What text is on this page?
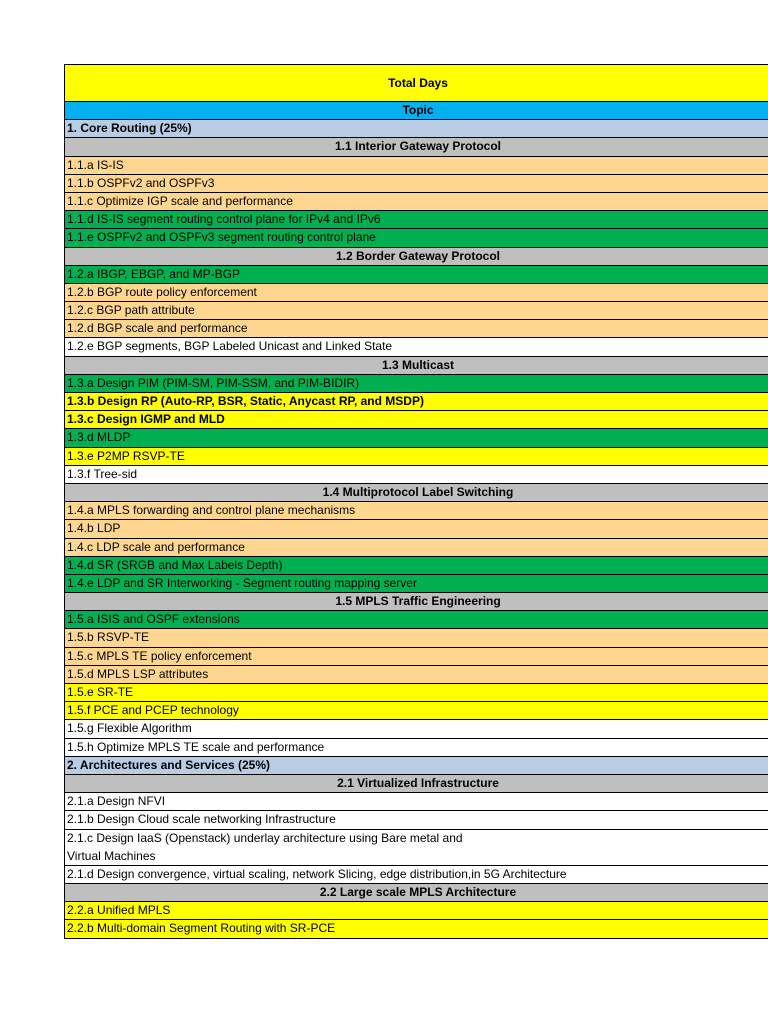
Total Days
Topic
1. Core Routing (25%)
1.1 Interior Gateway Protocol
1.1.a IS-IS
1.1.b OSPFv2 and OSPFv3
1.1.c Optimize IGP scale and performance
1.1.d IS-IS segment routing control plane for IPv4 and IPv6
1.1.e OSPFv2 and OSPFv3 segment routing control plane
1.2 Border Gateway Protocol
1.2.a IBGP, EBGP, and MP-BGP
1.2.b BGP route policy enforcement
1.2.c BGP path attribute
1.2.d BGP scale and performance
1.2.e BGP segments, BGP Labeled Unicast and Linked State
1.3 Multicast
1.3.a Design PIM (PIM-SM, PIM-SSM, and PIM-BIDIR)
1.3.b Design RP (Auto-RP, BSR, Static, Anycast RP, and MSDP)
1.3.c Design IGMP and MLD
1.3.d MLDP
1.3.e P2MP RSVP-TE
1.3.f Tree-sid
1.4 Multiprotocol Label Switching
1.4.a MPLS forwarding and control plane mechanisms
1.4.b LDP
1.4.c LDP scale and performance
1.4.d SR (SRGB and Max Labels Depth)
1.4.e LDP and SR Interworking - Segment routing mapping server
1.5 MPLS Traffic Engineering
1.5.a ISIS and OSPF extensions
1.5.b RSVP-TE
1.5.c MPLS TE policy enforcement
1.5.d MPLS LSP attributes
1.5.e SR-TE
1.5.f PCE and PCEP technology
1.5.g Flexible Algorithm
1.5.h Optimize MPLS TE scale and performance
2. Architectures and Services (25%)
2.1 Virtualized Infrastructure
2.1.a Design NFVI
2.1.b Design Cloud scale networking Infrastructure
2.1.c Design IaaS (Openstack) underlay architecture using Bare metal and
Virtual Machines
2.1.d Design convergence, virtual scaling, network Slicing, edge distribution,in 5G Architecture
2.2 Large scale MPLS Architecture
2.2.a Unified MPLS
2.2.b Multi-domain Segment Routing with SR-PCE
